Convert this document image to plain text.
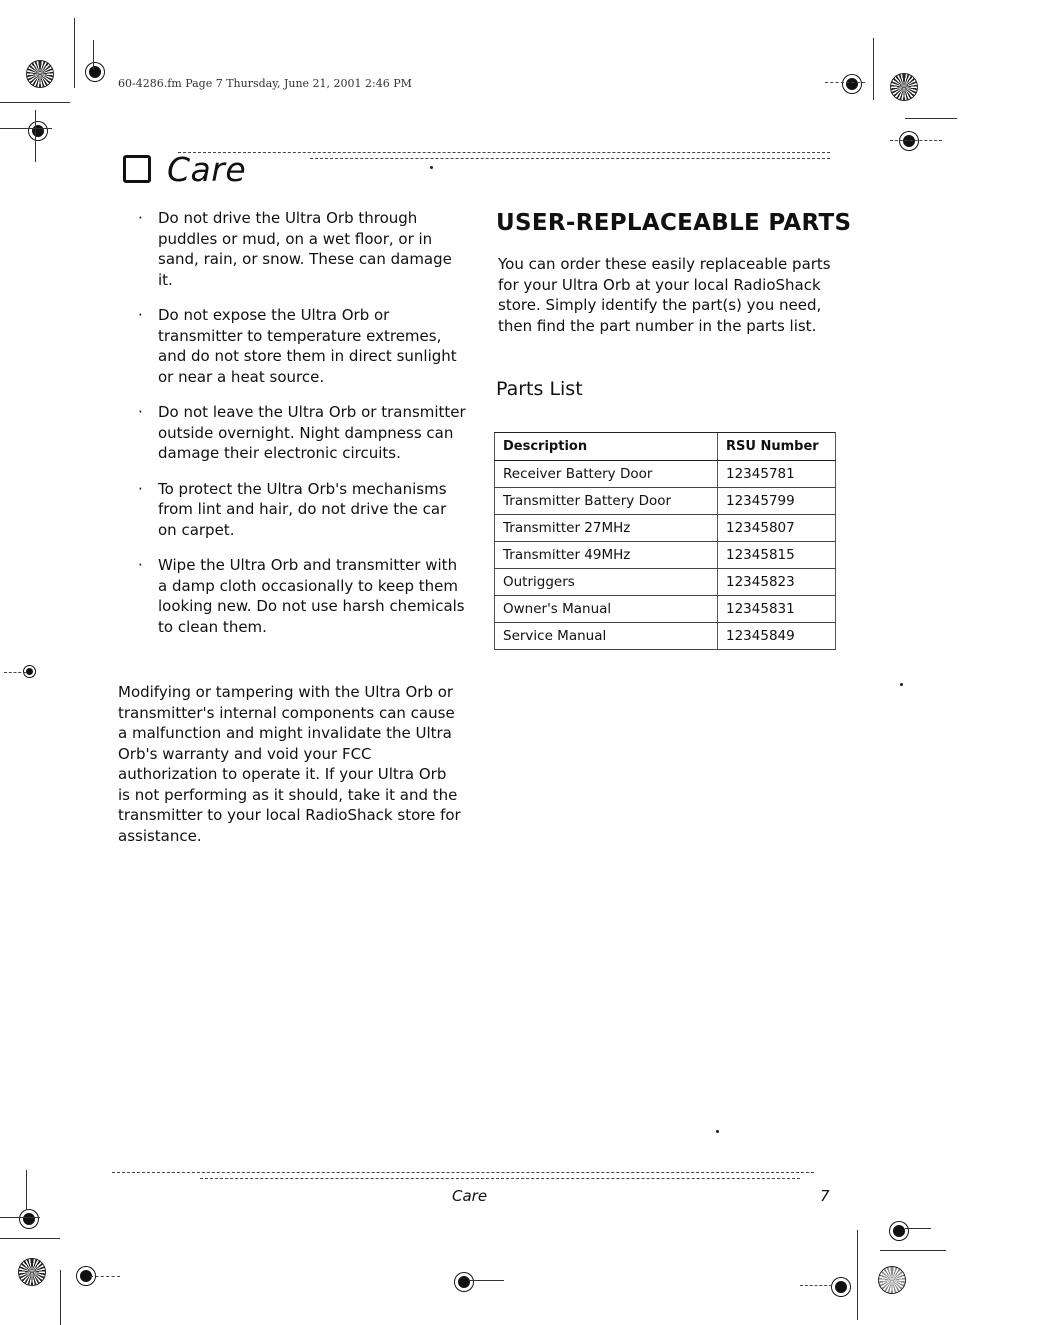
60-4286.fm Page 7 Thursday, June 21, 2001 2:46 PM
Care
· Do not drive the Ultra Orb through puddles or mud, on a wet floor, or in sand, rain, or snow. These can damage it.
· Do not expose the Ultra Orb or transmitter to temperature extremes, and do not store them in direct sunlight or near a heat source.
· Do not leave the Ultra Orb or transmitter outside overnight. Night dampness can damage their electronic circuits.
· To protect the Ultra Orb's mechanisms from lint and hair, do not drive the car on carpet.
· Wipe the Ultra Orb and transmitter with a damp cloth occasionally to keep them looking new. Do not use harsh chemicals to clean them.
Modifying or tampering with the Ultra Orb or transmitter's internal components can cause a malfunction and might invalidate the Ultra Orb's warranty and void your FCC authorization to operate it. If your Ultra Orb is not performing as it should, take it and the transmitter to your local RadioShack store for assistance.
USER-REPLACEABLE PARTS
You can order these easily replaceable parts for your Ultra Orb at your local RadioShack store. Simply identify the part(s) you need, then find the part number in the parts list.
Parts List
Description	RSU Number
Receiver Battery Door	12345781
Transmitter Battery Door	12345799
Transmitter 27MHz	12345807
Transmitter 49MHz	12345815
Outriggers	12345823
Owner's Manual	12345831
Service Manual	12345849
Care	7
